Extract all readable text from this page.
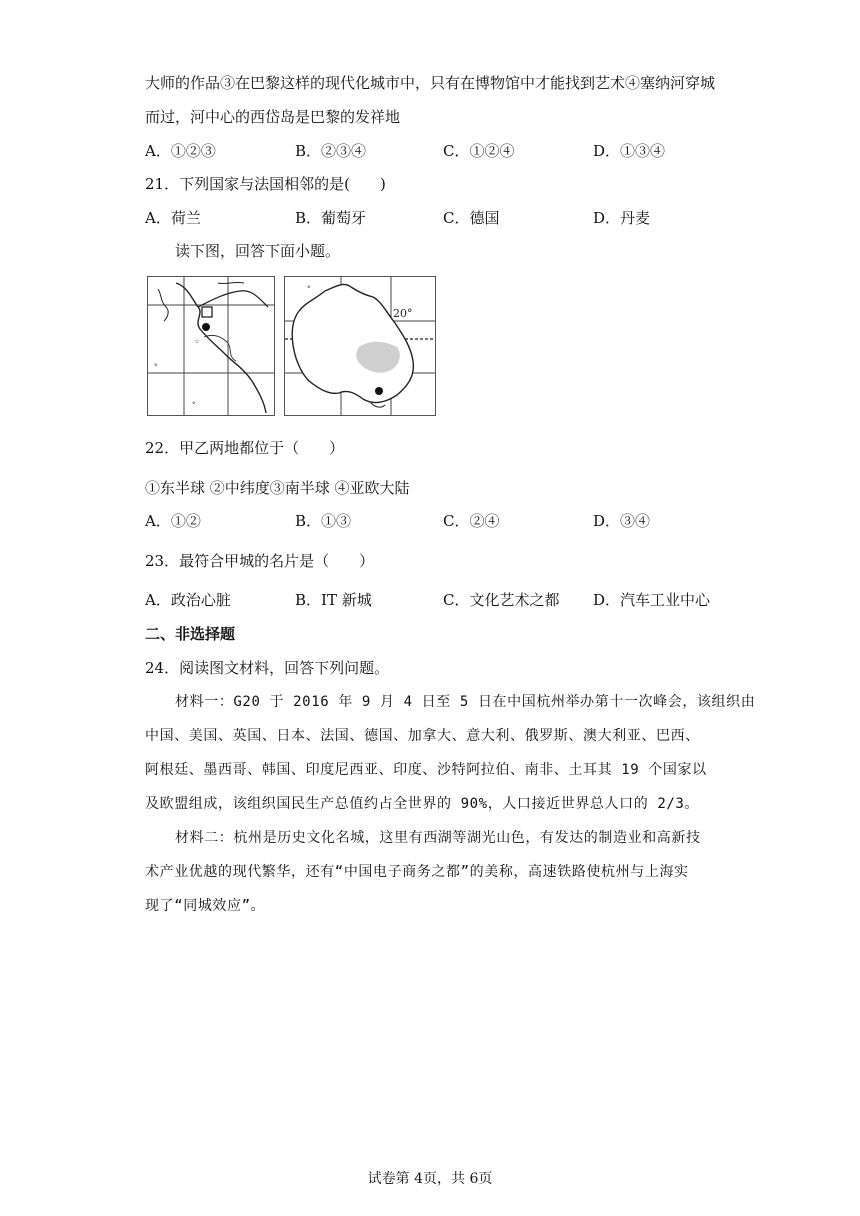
大师的作品③在巴黎这样的现代化城市中，只有在博物馆中才能找到艺术④塞纳河穿城
而过，河中心的西岱岛是巴黎的发祥地
A．①②③	B．②③④	C．①②④	D．①③④
21．下列国家与法国相邻的是(　　)
A．荷兰	B．葡萄牙	C．德国	D．丹麦
读下图，回答下面小题。
◦
°
°
20°
°
22．甲乙两地都位于（　　）
①东半球 ②中纬度③南半球 ④亚欧大陆
A．①②	B．①③	C．②④	D．③④
23．最符合甲城的名片是（　　）
A．政治心脏	B．IT 新城	C．文化艺术之都 D．汽车工业中心
二、非选择题
24．阅读图文材料，回答下列问题。
材料一：G20 于 2016 年 9 月 4 日至 5 日在中国杭州举办第十一次峰会，该组织由
中国、美国、英国、日本、法国、德国、加拿大、意大利、俄罗斯、澳大利亚、巴西、
阿根廷、墨西哥、韩国、印度尼西亚、印度、沙特阿拉伯、南非、土耳其 19 个国家以
及欧盟组成，该组织国民生产总值约占全世界的 90%，人口接近世界总人口的 2/3。
材料二：杭州是历史文化名城，这里有西湖等湖光山色，有发达的制造业和高新技
术产业优越的现代繁华，还有“中国电子商务之都”的美称，高速铁路使杭州与上海实
现了“同城效应”。
试卷第 4页，共 6页
